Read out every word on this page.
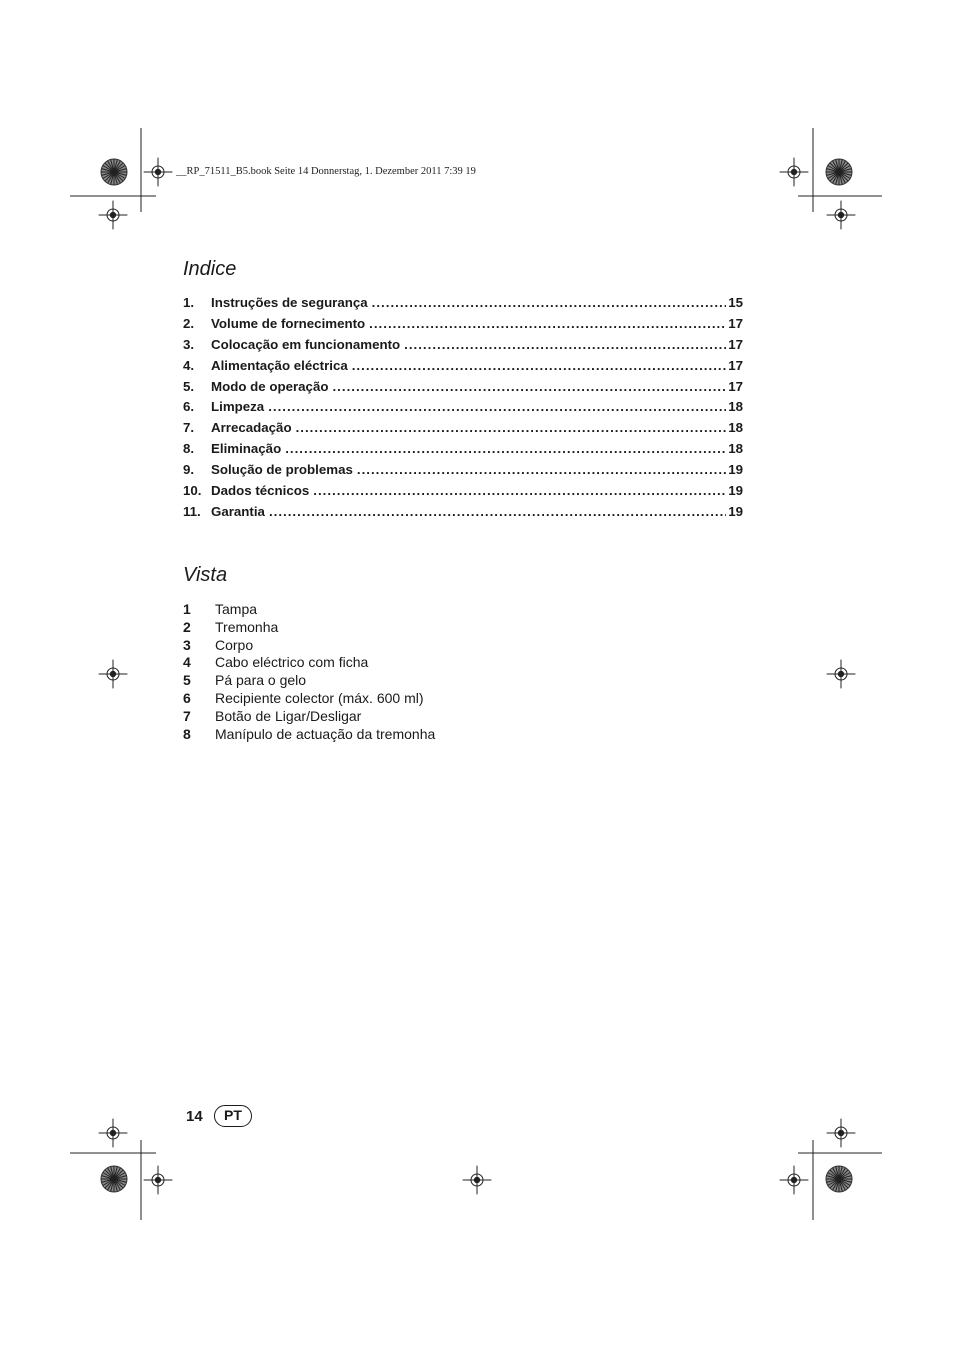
__RP_71511_B5.book Seite 14 Donnerstag, 1. Dezember 2011 7:39 19
Indice
1.	Instruções de segurança .....	15
2.	Volume de fornecimento .....	17
3.	Colocação em funcionamento .....	17
4.	Alimentação eléctrica .....	17
5.	Modo de operação .....	17
6.	Limpeza .....	18
7.	Arrecadação .....	18
8.	Eliminação .....	18
9.	Solução de problemas .....	19
10. Dados técnicos .....	19
11. Garantia .....	19
Vista
1	Tampa
2	Tremonha
3	Corpo
4	Cabo eléctrico com ficha
5	Pá para o gelo
6	Recipiente colector (máx. 600 ml)
7	Botão de Ligar/Desligar
8	Manípulo de actuação da tremonha
14	PT
